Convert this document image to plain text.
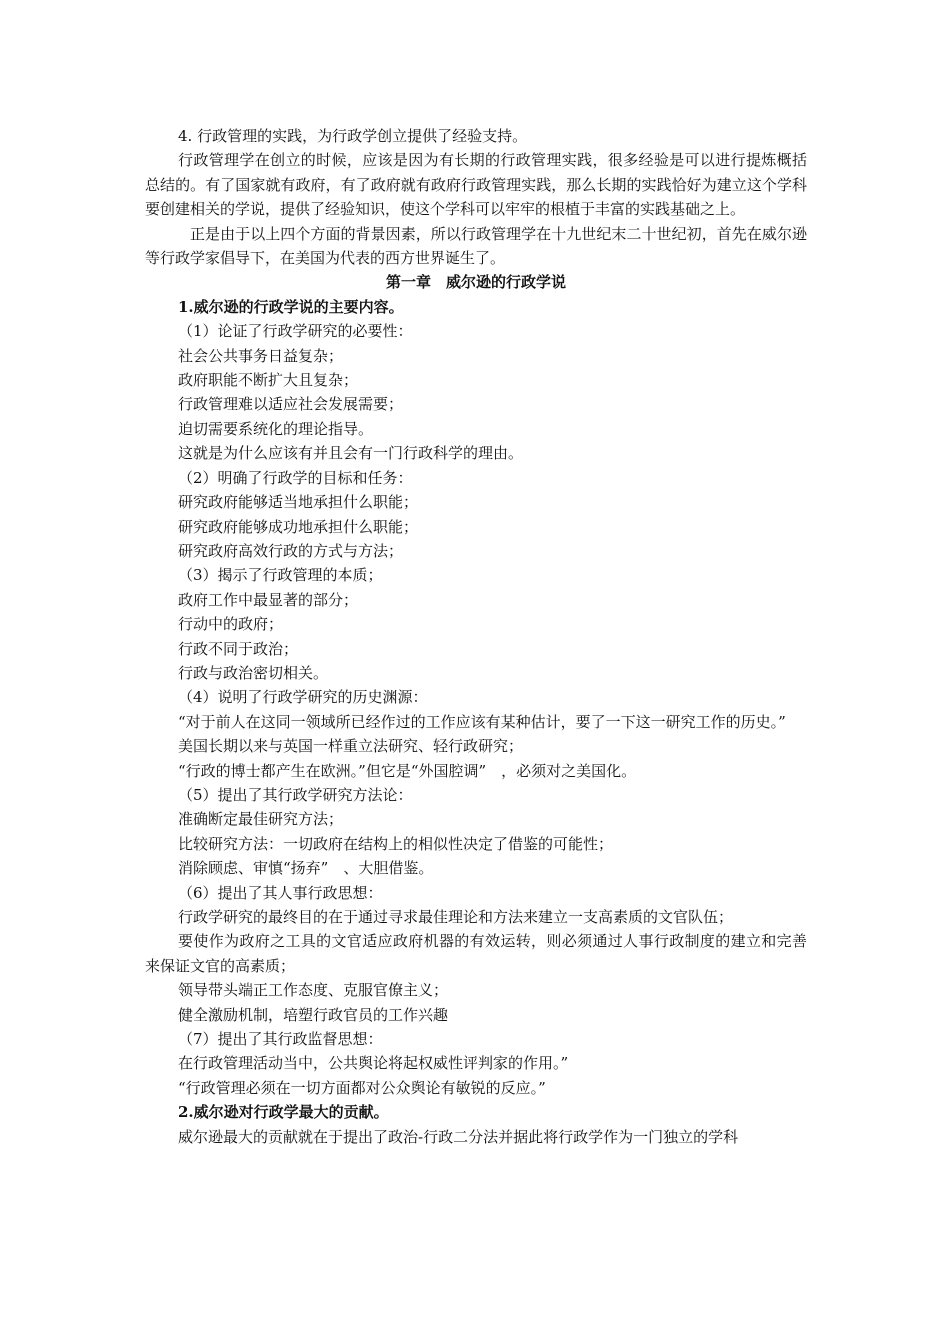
4. 行政管理的实践，为行政学创立提供了经验支持。

行政管理学在创立的时候，应该是因为有长期的行政管理实践，很多经验是可以进行提炼概括总结的。有了国家就有政府，有了政府就有政府行政管理实践，那么长期的实践恰好为建立这个学科要创建相关的学说，提供了经验知识，使这个学科可以牢牢的根植于丰富的实践基础之上。

正是由于以上四个方面的背景因素，所以行政管理学在十九世纪末二十世纪初，首先在威尔逊等行政学家倡导下，在美国为代表的西方世界诞生了。

第一章　威尔逊的行政学说

1.威尔逊的行政学说的主要内容。

（1）论证了行政学研究的必要性：

社会公共事务日益复杂；

政府职能不断扩大且复杂；

行政管理难以适应社会发展需要；

迫切需要系统化的理论指导。

这就是为什么应该有并且会有一门行政科学的理由。

（2）明确了行政学的目标和任务：

研究政府能够适当地承担什么职能；

研究政府能够成功地承担什么职能；

研究政府高效行政的方式与方法；

（3）揭示了行政管理的本质；

政府工作中最显著的部分；

行动中的政府；

行政不同于政治；

行政与政治密切相关。

（4）说明了行政学研究的历史渊源：

“对于前人在这同一领域所已经作过的工作应该有某种估计，要了一下这一研究工作的历史。”

美国长期以来与英国一样重立法研究、轻行政研究；

“行政的博士都产生在欧洲。”但它是“外国腔调”　，必须对之美国化。

（5）提出了其行政学研究方法论：

准确断定最佳研究方法；

比较研究方法：一切政府在结构上的相似性决定了借鉴的可能性；

消除顾虑、审慎“扬弃”　、大胆借鉴。

（6）提出了其人事行政思想：

行政学研究的最终目的在于通过寻求最佳理论和方法来建立一支高素质的文官队伍；

要使作为政府之工具的文官适应政府机器的有效运转，则必须通过人事行政制度的建立和完善来保证文官的高素质；

领导带头端正工作态度、克服官僚主义；

健全激励机制，培塑行政官员的工作兴趣

（7）提出了其行政监督思想：

在行政管理活动当中，公共舆论将起权威性评判家的作用。”

“行政管理必须在一切方面都对公众舆论有敏锐的反应。”

2.威尔逊对行政学最大的贡献。

威尔逊最大的贡献就在于提出了政治-行政二分法并据此将行政学作为一门独立的学科
